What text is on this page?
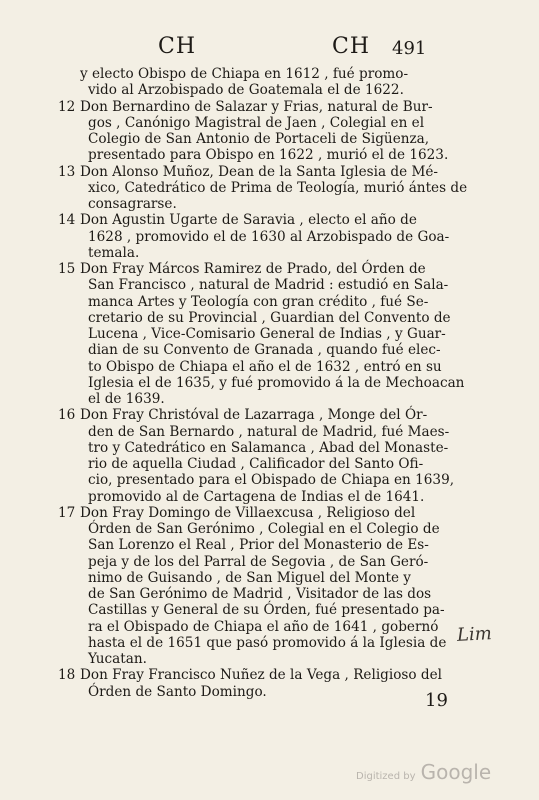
CH	CH 491
y electo Obispo de Chiapa en 1612 , fué promo-
vido al Arzobispado de Goatemala el de 1622.
12 Don Bernardino de Salazar y Frias, natural de Bur-
gos , Canónigo Magistral de Jaen , Colegial en el
Colegio de San Antonio de Portaceli de Sigüenza,
presentado para Obispo en 1622 , murió el de 1623.
13 Don Alonso Muñoz, Dean de la Santa Iglesia de Mé-
xico, Catedrático de Prima de Teología, murió ántes de
consagrarse.
14 Don Agustin Ugarte de Saravia , electo el año de
1628 , promovido el de 1630 al Arzobispado de Goa-
temala.
15 Don Fray Márcos Ramirez de Prado, del Órden de
San Francisco , natural de Madrid : estudió en Sala-
manca Artes y Teología con gran crédito , fué Se-
cretario de su Provincial , Guardian del Convento de
Lucena , Vice-Comisario General de Indias , y Guar-
dian de su Convento de Granada , quando fué elec-
to Obispo de Chiapa el año el de 1632 , entró en su
Iglesia el de 1635, y fué promovido á la de Mechoacan
el de 1639.
16 Don Fray Christóval de Lazarraga , Monge del Ór-
den de San Bernardo , natural de Madrid, fué Maes-
tro y Catedrático en Salamanca , Abad del Monaste-
rio de aquella Ciudad , Calificador del Santo Ofi-
cio, presentado para el Obispado de Chiapa en 1639,
promovido al de Cartagena de Indias el de 1641.
17 Don Fray Domingo de Villaexcusa , Religioso del
Órden de San Gerónimo , Colegial en el Colegio de
San Lorenzo el Real , Prior del Monasterio de Es-
peja y de los del Parral de Segovia , de San Geró-
nimo de Guisando , de San Miguel del Monte y
de San Gerónimo de Madrid , Visitador de las dos
Castillas y General de su Órden, fué presentado pa-
ra el Obispado de Chiapa el año de 1641 , gobernó
hasta el de 1651 que pasó promovido á la Iglesia de
Yucatan.
18 Don Fray Francisco Nuñez de la Vega , Religioso del
Órden de Santo Domingo.
Lim
19
Digitized by Google
